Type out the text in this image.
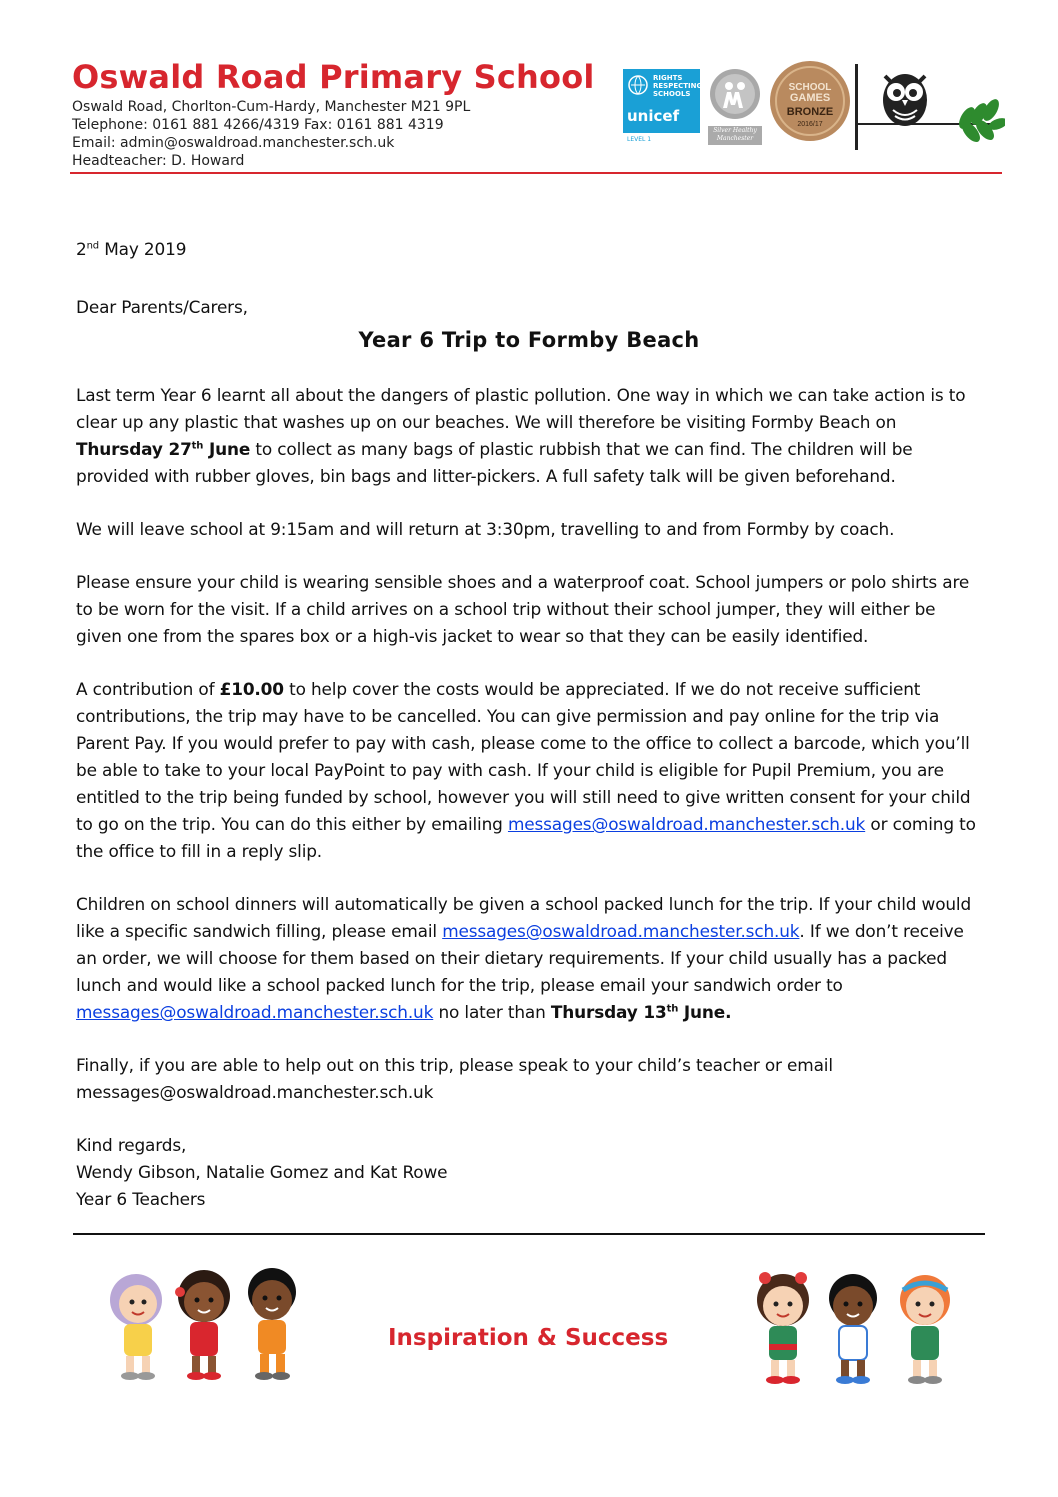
Oswald Road Primary School
Oswald Road, Chorlton-Cum-Hardy, Manchester M21 9PL
Telephone: 0161 881 4266/4319 Fax: 0161 881 4319
Email: admin@oswaldroad.manchester.sch.uk
Headteacher: D. Howard
RIGHTS RESPECTING SCHOOLS
unicef
LEVEL 1
Silver Healthy Manchester
SCHOOL
GAMES
BRONZE
2016/17

2nd May 2019

Dear Parents/Carers,

Year 6 Trip to Formby Beach

Last term Year 6 learnt all about the dangers of plastic pollution. One way in which we can take action is to clear up any plastic that washes up on our beaches. We will therefore be visiting Formby Beach on Thursday 27th June to collect as many bags of plastic rubbish that we can find. The children will be provided with rubber gloves, bin bags and litter-pickers. A full safety talk will be given beforehand.

We will leave school at 9:15am and will return at 3:30pm, travelling to and from Formby by coach.

Please ensure your child is wearing sensible shoes and a waterproof coat. School jumpers or polo shirts are to be worn for the visit. If a child arrives on a school trip without their school jumper, they will either be given one from the spares box or a high-vis jacket to wear so that they can be easily identified.

A contribution of £10.00 to help cover the costs would be appreciated. If we do not receive sufficient contributions, the trip may have to be cancelled. You can give permission and pay online for the trip via Parent Pay. If you would prefer to pay with cash, please come to the office to collect a barcode, which you’ll be able to take to your local PayPoint to pay with cash. If your child is eligible for Pupil Premium, you are entitled to the trip being funded by school, however you will still need to give written consent for your child to go on the trip. You can do this either by emailing messages@oswaldroad.manchester.sch.uk or coming to the office to fill in a reply slip.

Children on school dinners will automatically be given a school packed lunch for the trip. If your child would like a specific sandwich filling, please email messages@oswaldroad.manchester.sch.uk. If we don’t receive an order, we will choose for them based on their dietary requirements. If your child usually has a packed lunch and would like a school packed lunch for the trip, please email your sandwich order to messages@oswaldroad.manchester.sch.uk no later than Thursday 13th June.

Finally, if you are able to help out on this trip, please speak to your child’s teacher or email messages@oswaldroad.manchester.sch.uk

Kind regards,

Wendy Gibson, Natalie Gomez and Kat Rowe

Year 6 Teachers

Inspiration & Success
